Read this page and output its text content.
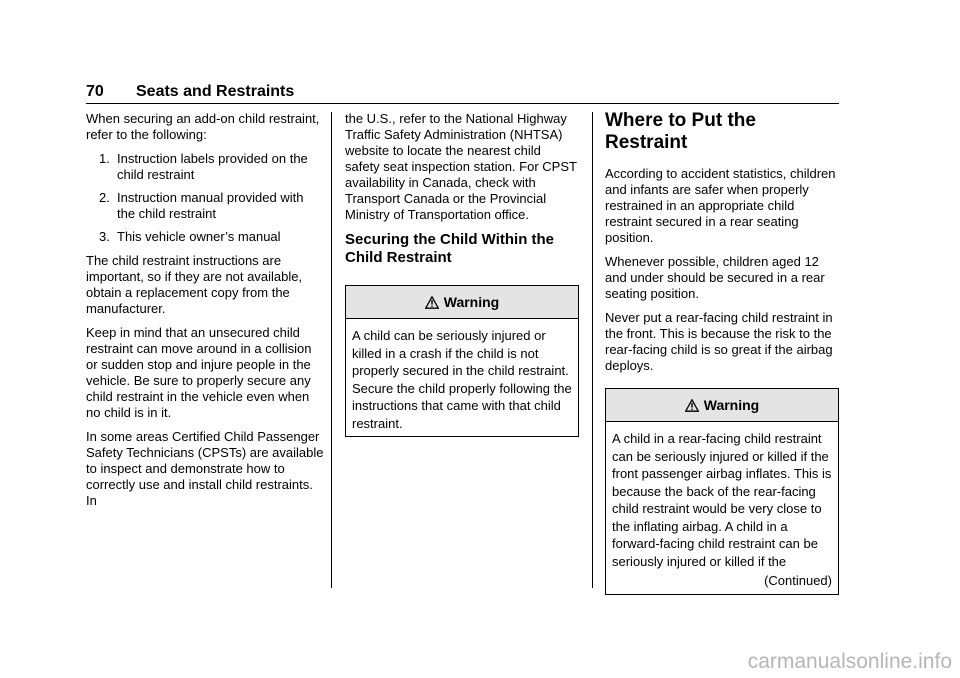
70 Seats and Restraints

When securing an add-on child restraint, refer to the following:

1. Instruction labels provided on the child restraint
2. Instruction manual provided with the child restraint
3. This vehicle owner’s manual

The child restraint instructions are important, so if they are not available, obtain a replacement copy from the manufacturer.

Keep in mind that an unsecured child restraint can move around in a collision or sudden stop and injure people in the vehicle. Be sure to properly secure any child restraint in the vehicle even when no child is in it.

In some areas Certified Child Passenger Safety Technicians (CPSTs) are available to inspect and demonstrate how to correctly use and install child restraints. In

the U.S., refer to the National Highway Traffic Safety Administration (NHTSA) website to locate the nearest child safety seat inspection station. For CPST availability in Canada, check with Transport Canada or the Provincial Ministry of Transportation office.

Securing the Child Within the Child Restraint
Warning
A child can be seriously injured or killed in a crash if the child is not properly secured in the child restraint. Secure the child properly following the instructions that came with that child restraint.
Where to Put the Restraint

According to accident statistics, children and infants are safer when properly restrained in an appropriate child restraint secured in a rear seating position.

Whenever possible, children aged 12 and under should be secured in a rear seating position.

Never put a rear-facing child restraint in the front. This is because the risk to the rear-facing child is so great if the airbag deploys.

Warning
A child in a rear-facing child restraint can be seriously injured or killed if the front passenger airbag inflates. This is because the back of the rear-facing child restraint would be very close to the inflating airbag. A child in a forward-facing child restraint can be seriously injured or killed if the
(Continued)
carmanualsonline.info
